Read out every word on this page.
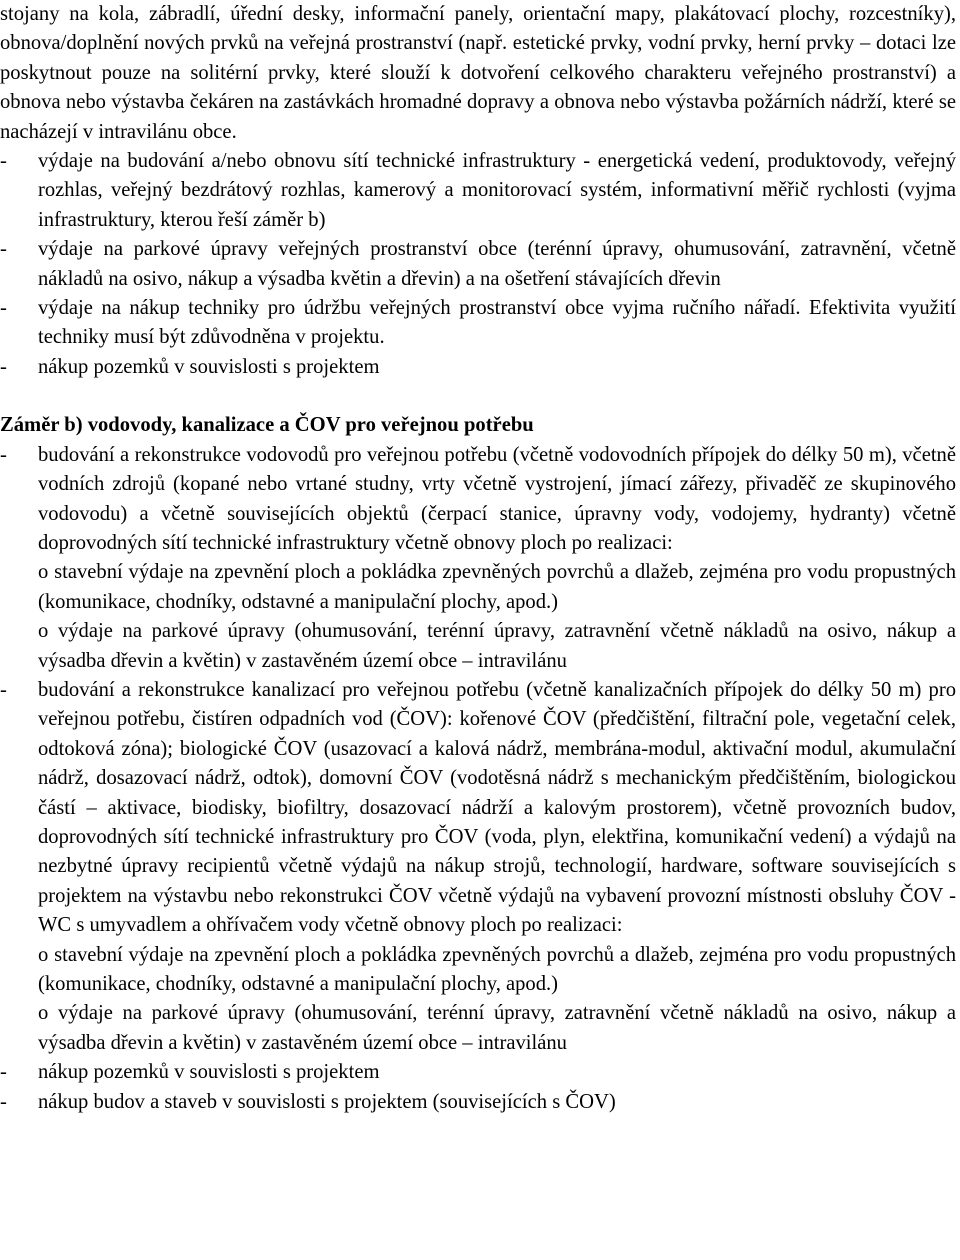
stojany na kola, zábradlí, úřední desky, informační panely, orientační mapy, plakátovací plochy, rozcestníky), obnova/doplnění nových prvků na veřejná prostranství (např. estetické prvky, vodní prvky, herní prvky – dotaci lze poskytnout pouze na solitérní prvky, které slouží k dotvoření celkového charakteru veřejného prostranství) a obnova nebo výstavba čekáren na zastávkách hromadné dopravy a obnova nebo výstavba požárních nádrží, které se nacházejí v intravilánu obce.

-	výdaje na budování a/nebo obnovu sítí technické infrastruktury - energetická vedení, produktovody, veřejný rozhlas, veřejný bezdrátový rozhlas, kamerový a monitorovací systém, informativní měřič rychlosti (vyjma infrastruktury, kterou řeší záměr b)
-	výdaje na parkové úpravy veřejných prostranství obce (terénní úpravy, ohumusování, zatravnění, včetně nákladů na osivo, nákup a výsadba květin a dřevin) a na ošetření stávajících dřevin
-	výdaje na nákup techniky pro údržbu veřejných prostranství obce vyjma ručního nářadí. Efektivita využití techniky musí být zdůvodněna v projektu.
-	nákup pozemků v souvislosti s projektem
Záměr b) vodovody, kanalizace a ČOV pro veřejnou potřebu
-	budování a rekonstrukce vodovodů pro veřejnou potřebu (včetně vodovodních přípojek do délky 50 m), včetně vodních zdrojů (kopané nebo vrtané studny, vrty včetně vystrojení, jímací zářezy, přivaděč ze skupinového vodovodu) a včetně souvisejících objektů (čerpací stanice, úpravny vody, vodojemy, hydranty) včetně doprovodných sítí technické infrastruktury včetně obnovy ploch po realizaci:
o stavební výdaje na zpevnění ploch a pokládka zpevněných povrchů a dlažeb, zejména pro vodu propustných (komunikace, chodníky, odstavné a manipulační plochy, apod.)
o výdaje na parkové úpravy (ohumusování, terénní úpravy, zatravnění včetně nákladů na osivo, nákup a výsadba dřevin a květin) v zastavěném území obce – intravilánu
-	budování a rekonstrukce kanalizací pro veřejnou potřebu (včetně kanalizačních přípojek do délky 50 m) pro veřejnou potřebu, čistíren odpadních vod (ČOV): kořenové ČOV (předčištění, filtrační pole, vegetační celek, odtoková zóna); biologické ČOV (usazovací a kalová nádrž, membrána-modul, aktivační modul, akumulační nádrž, dosazovací nádrž, odtok), domovní ČOV (vodotěsná nádrž s mechanickým předčištěním, biologickou částí – aktivace, biodisky, biofiltry, dosazovací nádrží a kalovým prostorem), včetně provozních budov, doprovodných sítí technické infrastruktury pro ČOV (voda, plyn, elektřina, komunikační vedení) a výdajů na nezbytné úpravy recipientů včetně výdajů na nákup strojů, technologií, hardware, software souvisejících s projektem na výstavbu nebo rekonstrukci ČOV včetně výdajů na vybavení provozní místnosti obsluhy ČOV - WC s umyvadlem a ohřívačem vody včetně obnovy ploch po realizaci:
o stavební výdaje na zpevnění ploch a pokládka zpevněných povrchů a dlažeb, zejména pro vodu propustných (komunikace, chodníky, odstavné a manipulační plochy, apod.)
o výdaje na parkové úpravy (ohumusování, terénní úpravy, zatravnění včetně nákladů na osivo, nákup a výsadba dřevin a květin) v zastavěném území obce – intravilánu
-	nákup pozemků v souvislosti s projektem
-	nákup budov a staveb v souvislosti s projektem (souvisejících s ČOV)
